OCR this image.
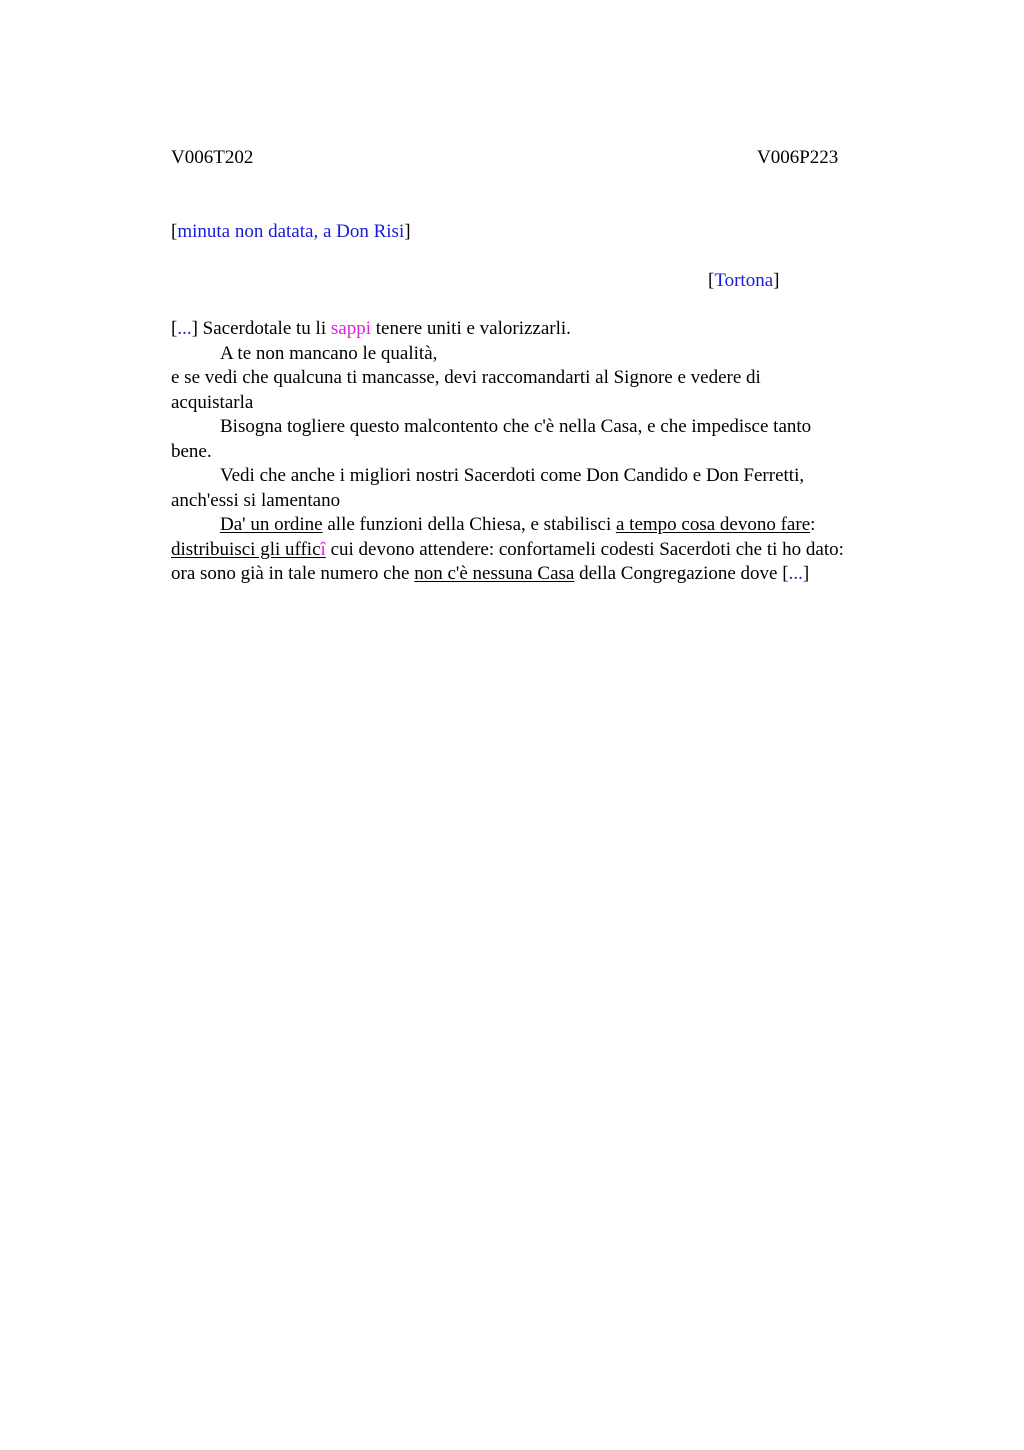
V006T202	V006P223
[minuta non datata, a Don Risi]
[Tortona]

[...] Sacerdotale tu li sappi tenere uniti e valorizzarli.

A te non mancano le qualità,

e se vedi che qualcuna ti mancasse, devi raccomandarti al Signore e vedere di

acquistarla

Bisogna togliere questo malcontento che c'è nella Casa, e che impedisce tanto

bene.

Vedi che anche i migliori nostri Sacerdoti come Don Candido e Don Ferretti,

anch'essi si lamentano

Da' un ordine alle funzioni della Chiesa, e stabilisci a tempo cosa devono fare:

distribuisci gli ufficî cui devono attendere: confortameli codesti Sacerdoti che ti ho dato:

ora sono già in tale numero che non c'è nessuna Casa della Congregazione dove [...]
